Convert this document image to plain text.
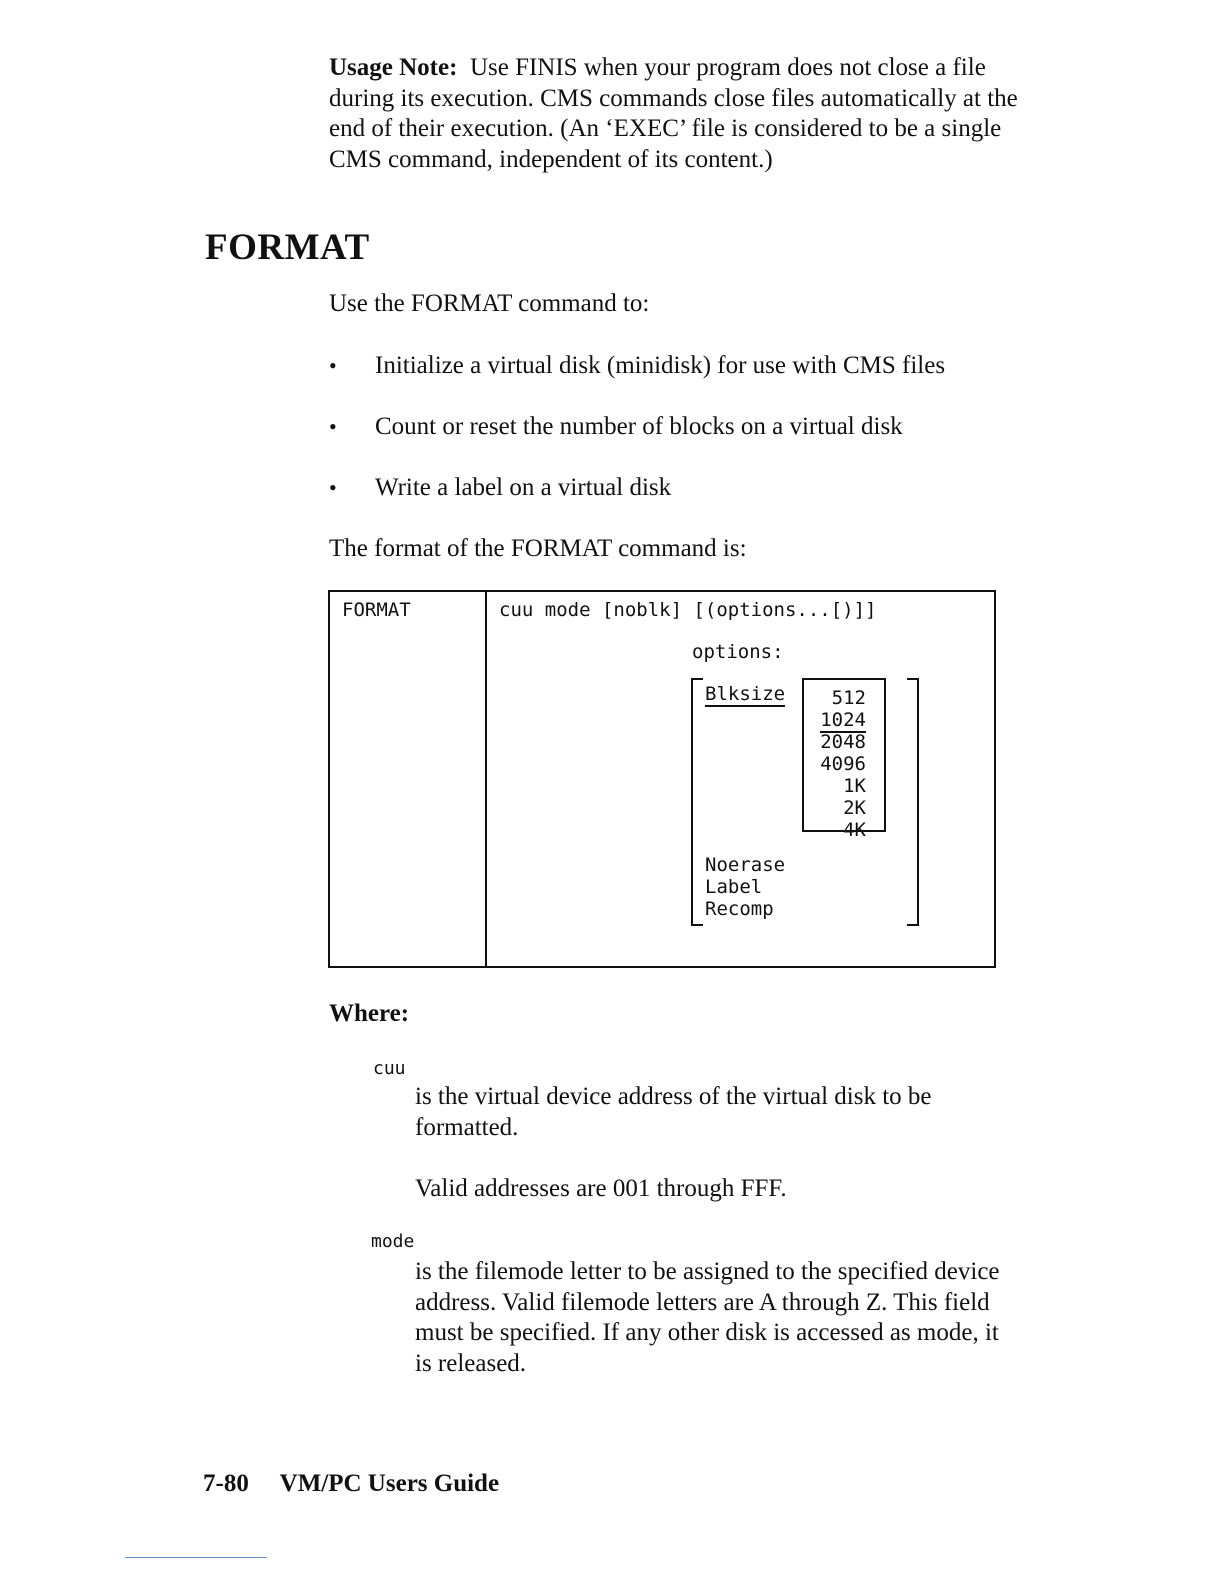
Usage Note: Use FINIS when your program does not close a file during its execution. CMS commands close files automatically at the end of their execution. (An ‘EXEC’ file is considered to be a single CMS command, independent of its content.)
FORMAT
Use the FORMAT command to:
• Initialize a virtual disk (minidisk) for use with CMS files
• Count or reset the number of blocks on a virtual disk
• Write a label on a virtual disk
The format of the FORMAT command is:
FORMAT	cuu mode [noblk] [(options...[)]]
options:
Blksize	512
1024
2048
4096
1K
2K
4K
Noerase
Label
Recomp
Where:
cuu
is the virtual device address of the virtual disk to be formatted.
Valid addresses are 001 through FFF.
mode
is the filemode letter to be assigned to the specified device address. Valid filemode letters are A through Z. This field must be specified. If any other disk is accessed as mode, it is released.
7-80 VM/PC Users Guide
